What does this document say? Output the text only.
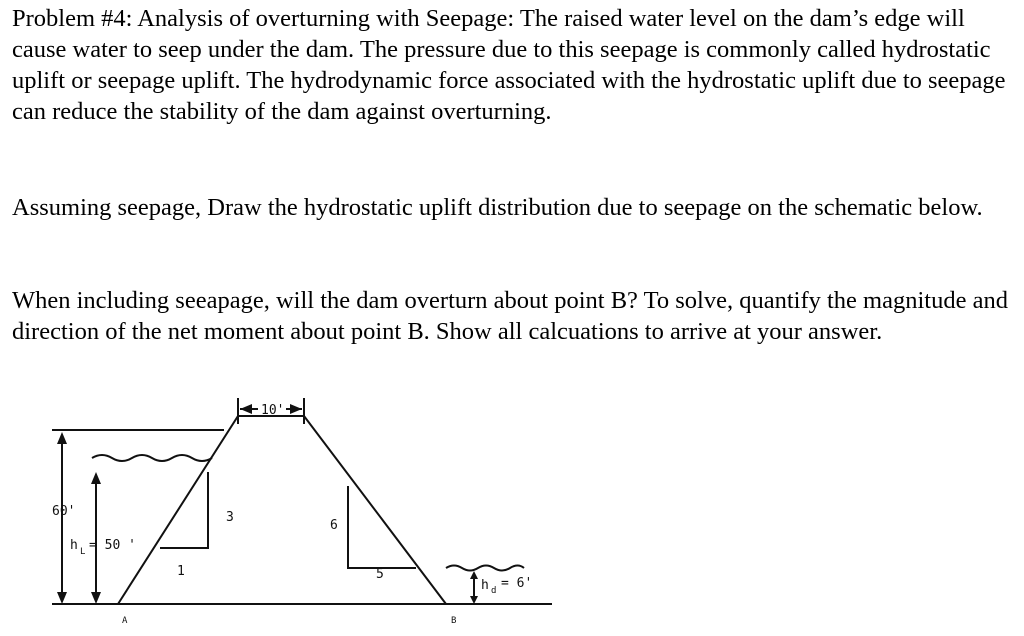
Problem #4: Analysis of overturning with Seepage: The raised water level on the dam’s edge will cause water to seep under the dam. The pressure due to this seepage is commonly called hydrostatic uplift or seepage uplift. The hydrodynamic force associated with the hydrostatic uplift due to seepage can reduce the stability of the dam against overturning.

Assuming seepage, Draw the hydrostatic uplift distribution due to seepage on the schematic below.

When including seeapage, will the dam overturn about point B? To solve, quantify the magnitude and direction of the net moment about point B. Show all calcuations to arrive at your answer.

10'
60'
h L = 50 '
3
1
6
5
h d = 6'
A	B
